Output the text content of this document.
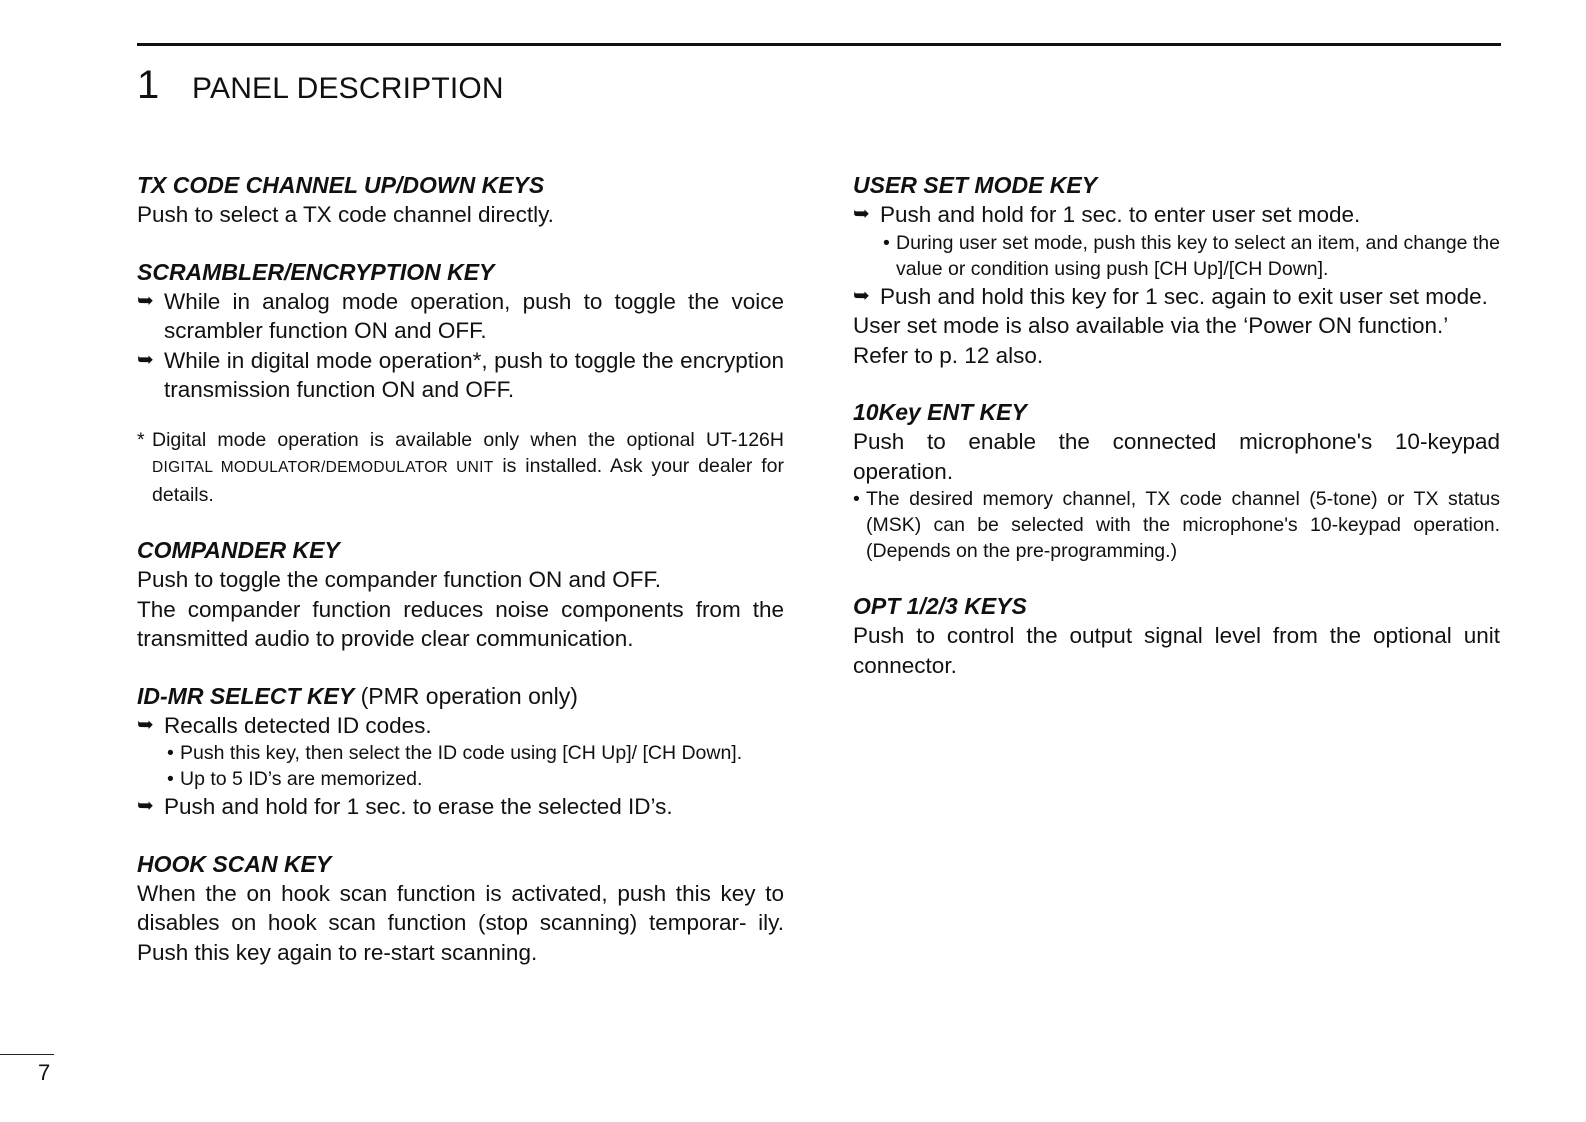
1	PANEL DESCRIPTION
TX CODE CHANNEL UP/DOWN KEYS
Push to select a TX code channel directly.
SCRAMBLER/ENCRYPTION KEY
➥ While in analog mode operation, push to toggle the voice scrambler function ON and OFF.
➥ While in digital mode operation*, push to toggle the encryption transmission function ON and OFF.
* Digital mode operation is available only when the optional UT-126H DIGITAL MODULATOR/DEMODULATOR UNIT is installed. Ask your dealer for details.
COMPANDER KEY
Push to toggle the compander function ON and OFF.
The compander function reduces noise components from the transmitted audio to provide clear communication.
ID-MR SELECT KEY (PMR operation only)
➥ Recalls detected ID codes.
• Push this key, then select the ID code using [CH Up]/ [CH Down].
• Up to 5 ID’s are memorized.
➥ Push and hold for 1 sec. to erase the selected ID’s.
HOOK SCAN KEY
When the on hook scan function is activated, push this key to disables on hook scan function (stop scanning) temporar- ily. Push this key again to re-start scanning.
USER SET MODE KEY
➥ Push and hold for 1 sec. to enter user set mode.
• During user set mode, push this key to select an item, and change the value or condition using push [CH Up]/[CH Down].
➥ Push and hold this key for 1 sec. again to exit user set mode.
User set mode is also available via the ‘Power ON function.’
Refer to p. 12 also.
10Key ENT KEY
Push to enable the connected microphone's 10-keypad operation.
• The desired memory channel, TX code channel (5-tone) or TX status (MSK) can be selected with the microphone's 10-keypad operation. (Depends on the pre-programming.)
OPT 1/2/3 KEYS
Push to control the output signal level from the optional unit connector.
7
